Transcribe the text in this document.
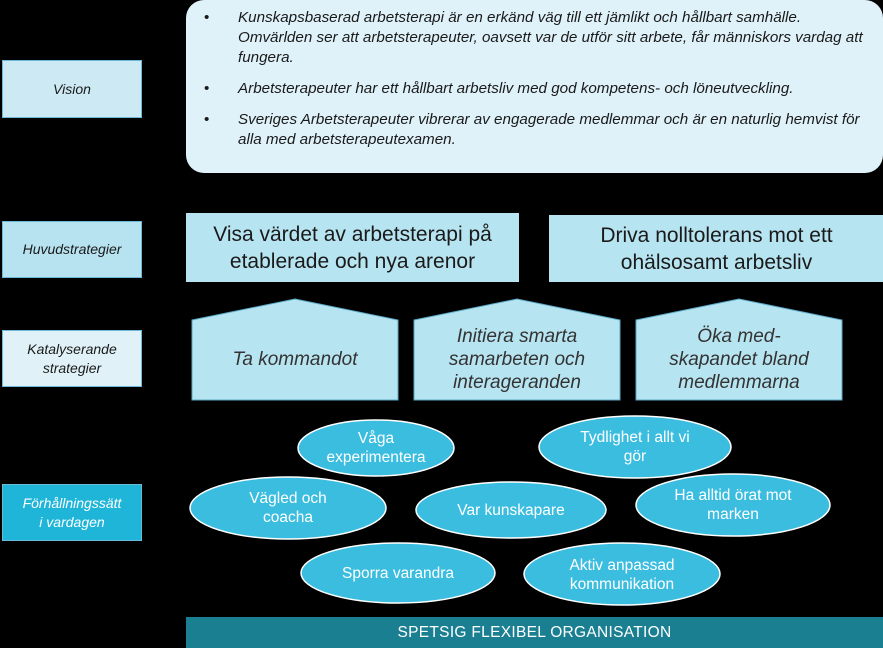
Vision
Huvudstrategier
Katalyserande strategier
Förhållningssätt i vardagen
• Kunskapsbaserad arbetsterapi är en erkänd väg till ett jämlikt och hållbart samhälle. Omvärlden ser att arbetsterapeuter, oavsett var de utför sitt arbete, får människors vardag att fungera.
• Arbetsterapeuter har ett hållbart arbetsliv med god kompetens- och löneutveckling.
• Sveriges Arbetsterapeuter vibrerar av engagerade medlemmar och är en naturlig hemvist för alla med arbetsterapeutexamen.
Visa värdet av arbetsterapi på etablerade och nya arenor
Driva nolltolerans mot ett ohälsosamt arbetsliv
Ta kommandot
Initiera smarta samarbeten och interageranden
Öka med-skapandet bland medlemmarna
Våga experimentera
Tydlighet i allt vi gör
Vägled och coacha	Var kunskapare
Ha alltid örat mot marken
Sporra varandra	Aktiv anpassad kommunikation
SPETSIG FLEXIBEL ORGANISATION
